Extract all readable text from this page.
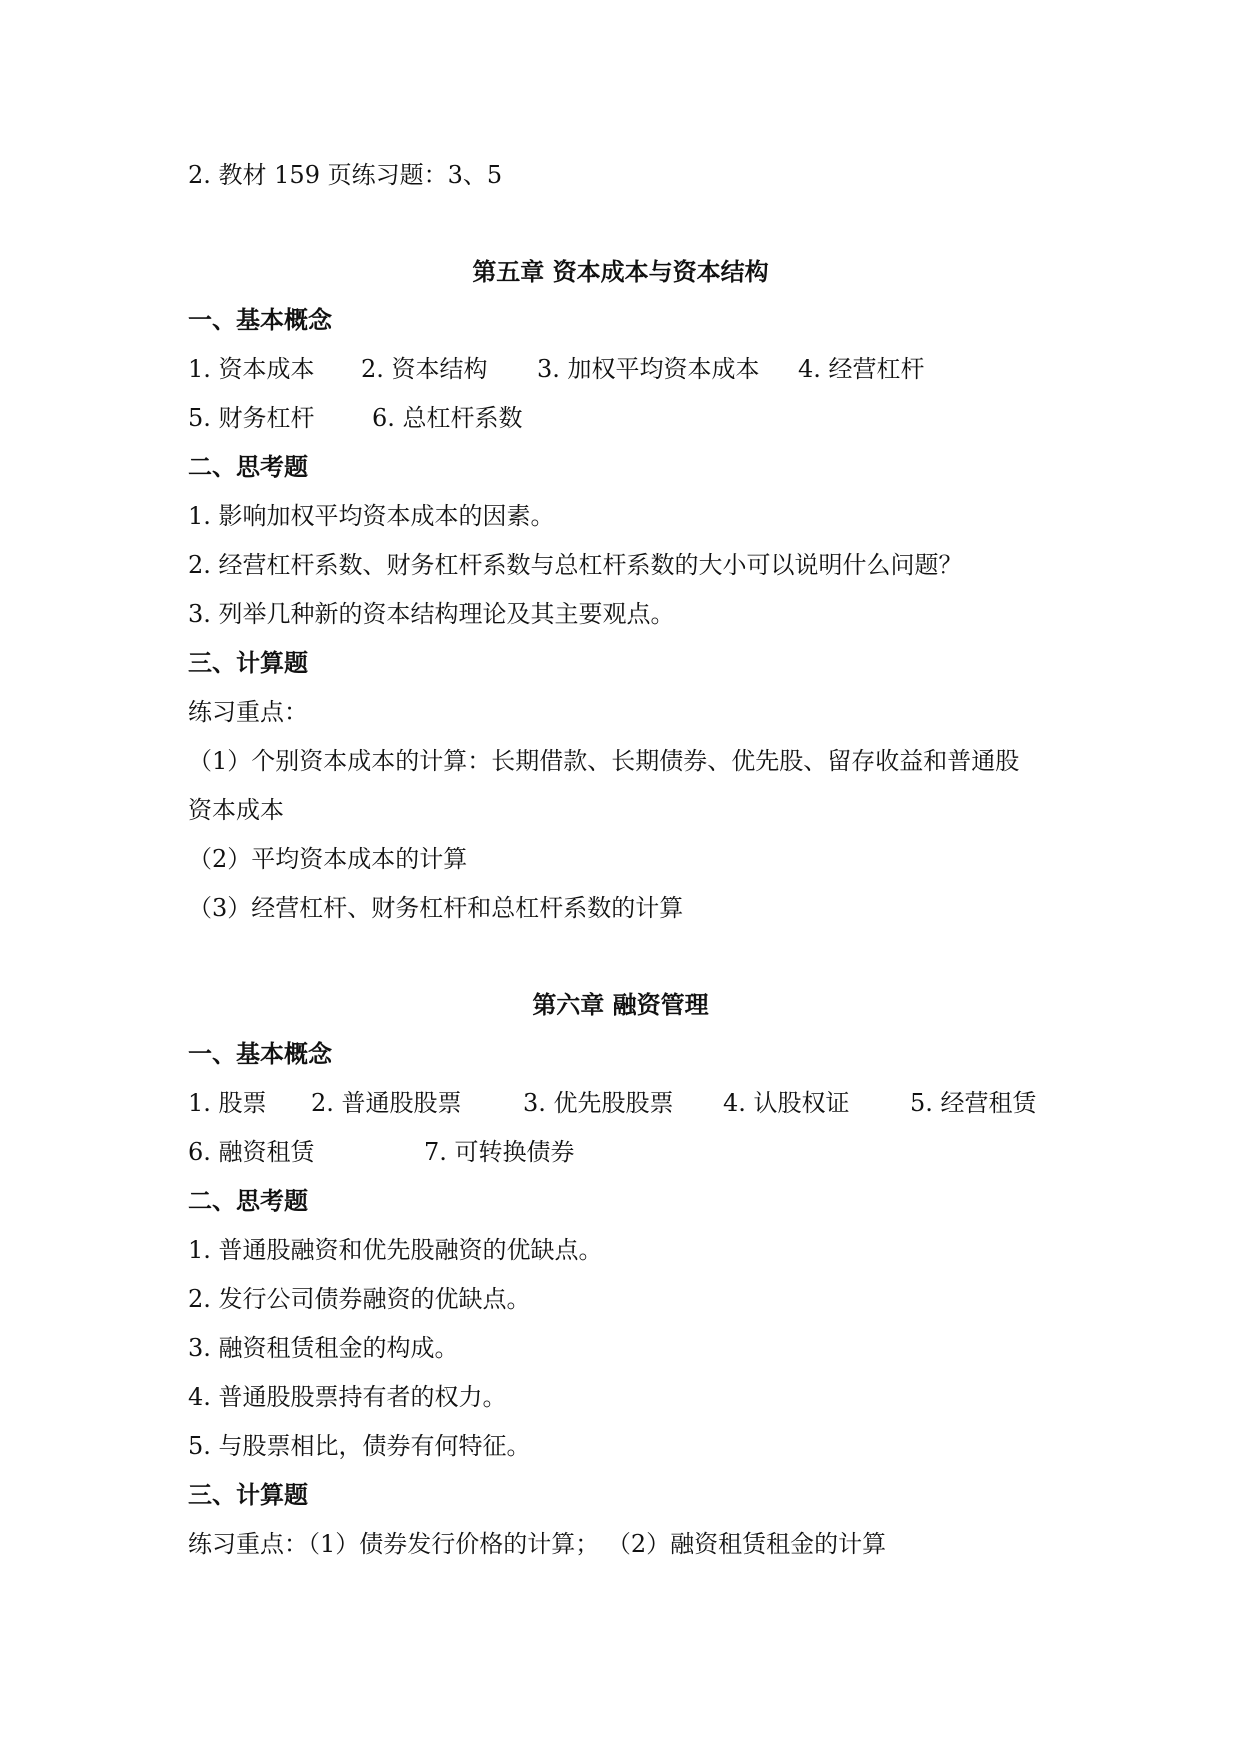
2. 教材 159 页练习题：3、5
第五章 资本成本与资本结构
一、基本概念
1. 资本成本 2. 资本结构 3. 加权平均资本成本 4. 经营杠杆
5. 财务杠杆 6. 总杠杆系数
二、思考题
1. 影响加权平均资本成本的因素。
2. 经营杠杆系数、财务杠杆系数与总杠杆系数的大小可以说明什么问题？
3. 列举几种新的资本结构理论及其主要观点。
三、计算题
练习重点：
（1）个别资本成本的计算：长期借款、长期债券、优先股、留存收益和普通股
资本成本
（2）平均资本成本的计算
（3）经营杠杆、财务杠杆和总杠杆系数的计算
第六章 融资管理
一、基本概念
1. 股票 2. 普通股股票	3. 优先股股票 4. 认股权证	5. 经营租赁
6. 融资租赁	7. 可转换债券
二、思考题
1. 普通股融资和优先股融资的优缺点。
2. 发行公司债券融资的优缺点。
3. 融资租赁租金的构成。
4. 普通股股票持有者的权力。
5. 与股票相比，债券有何特征。
三、计算题
练习重点：（1）债券发行价格的计算； （2）融资租赁租金的计算
